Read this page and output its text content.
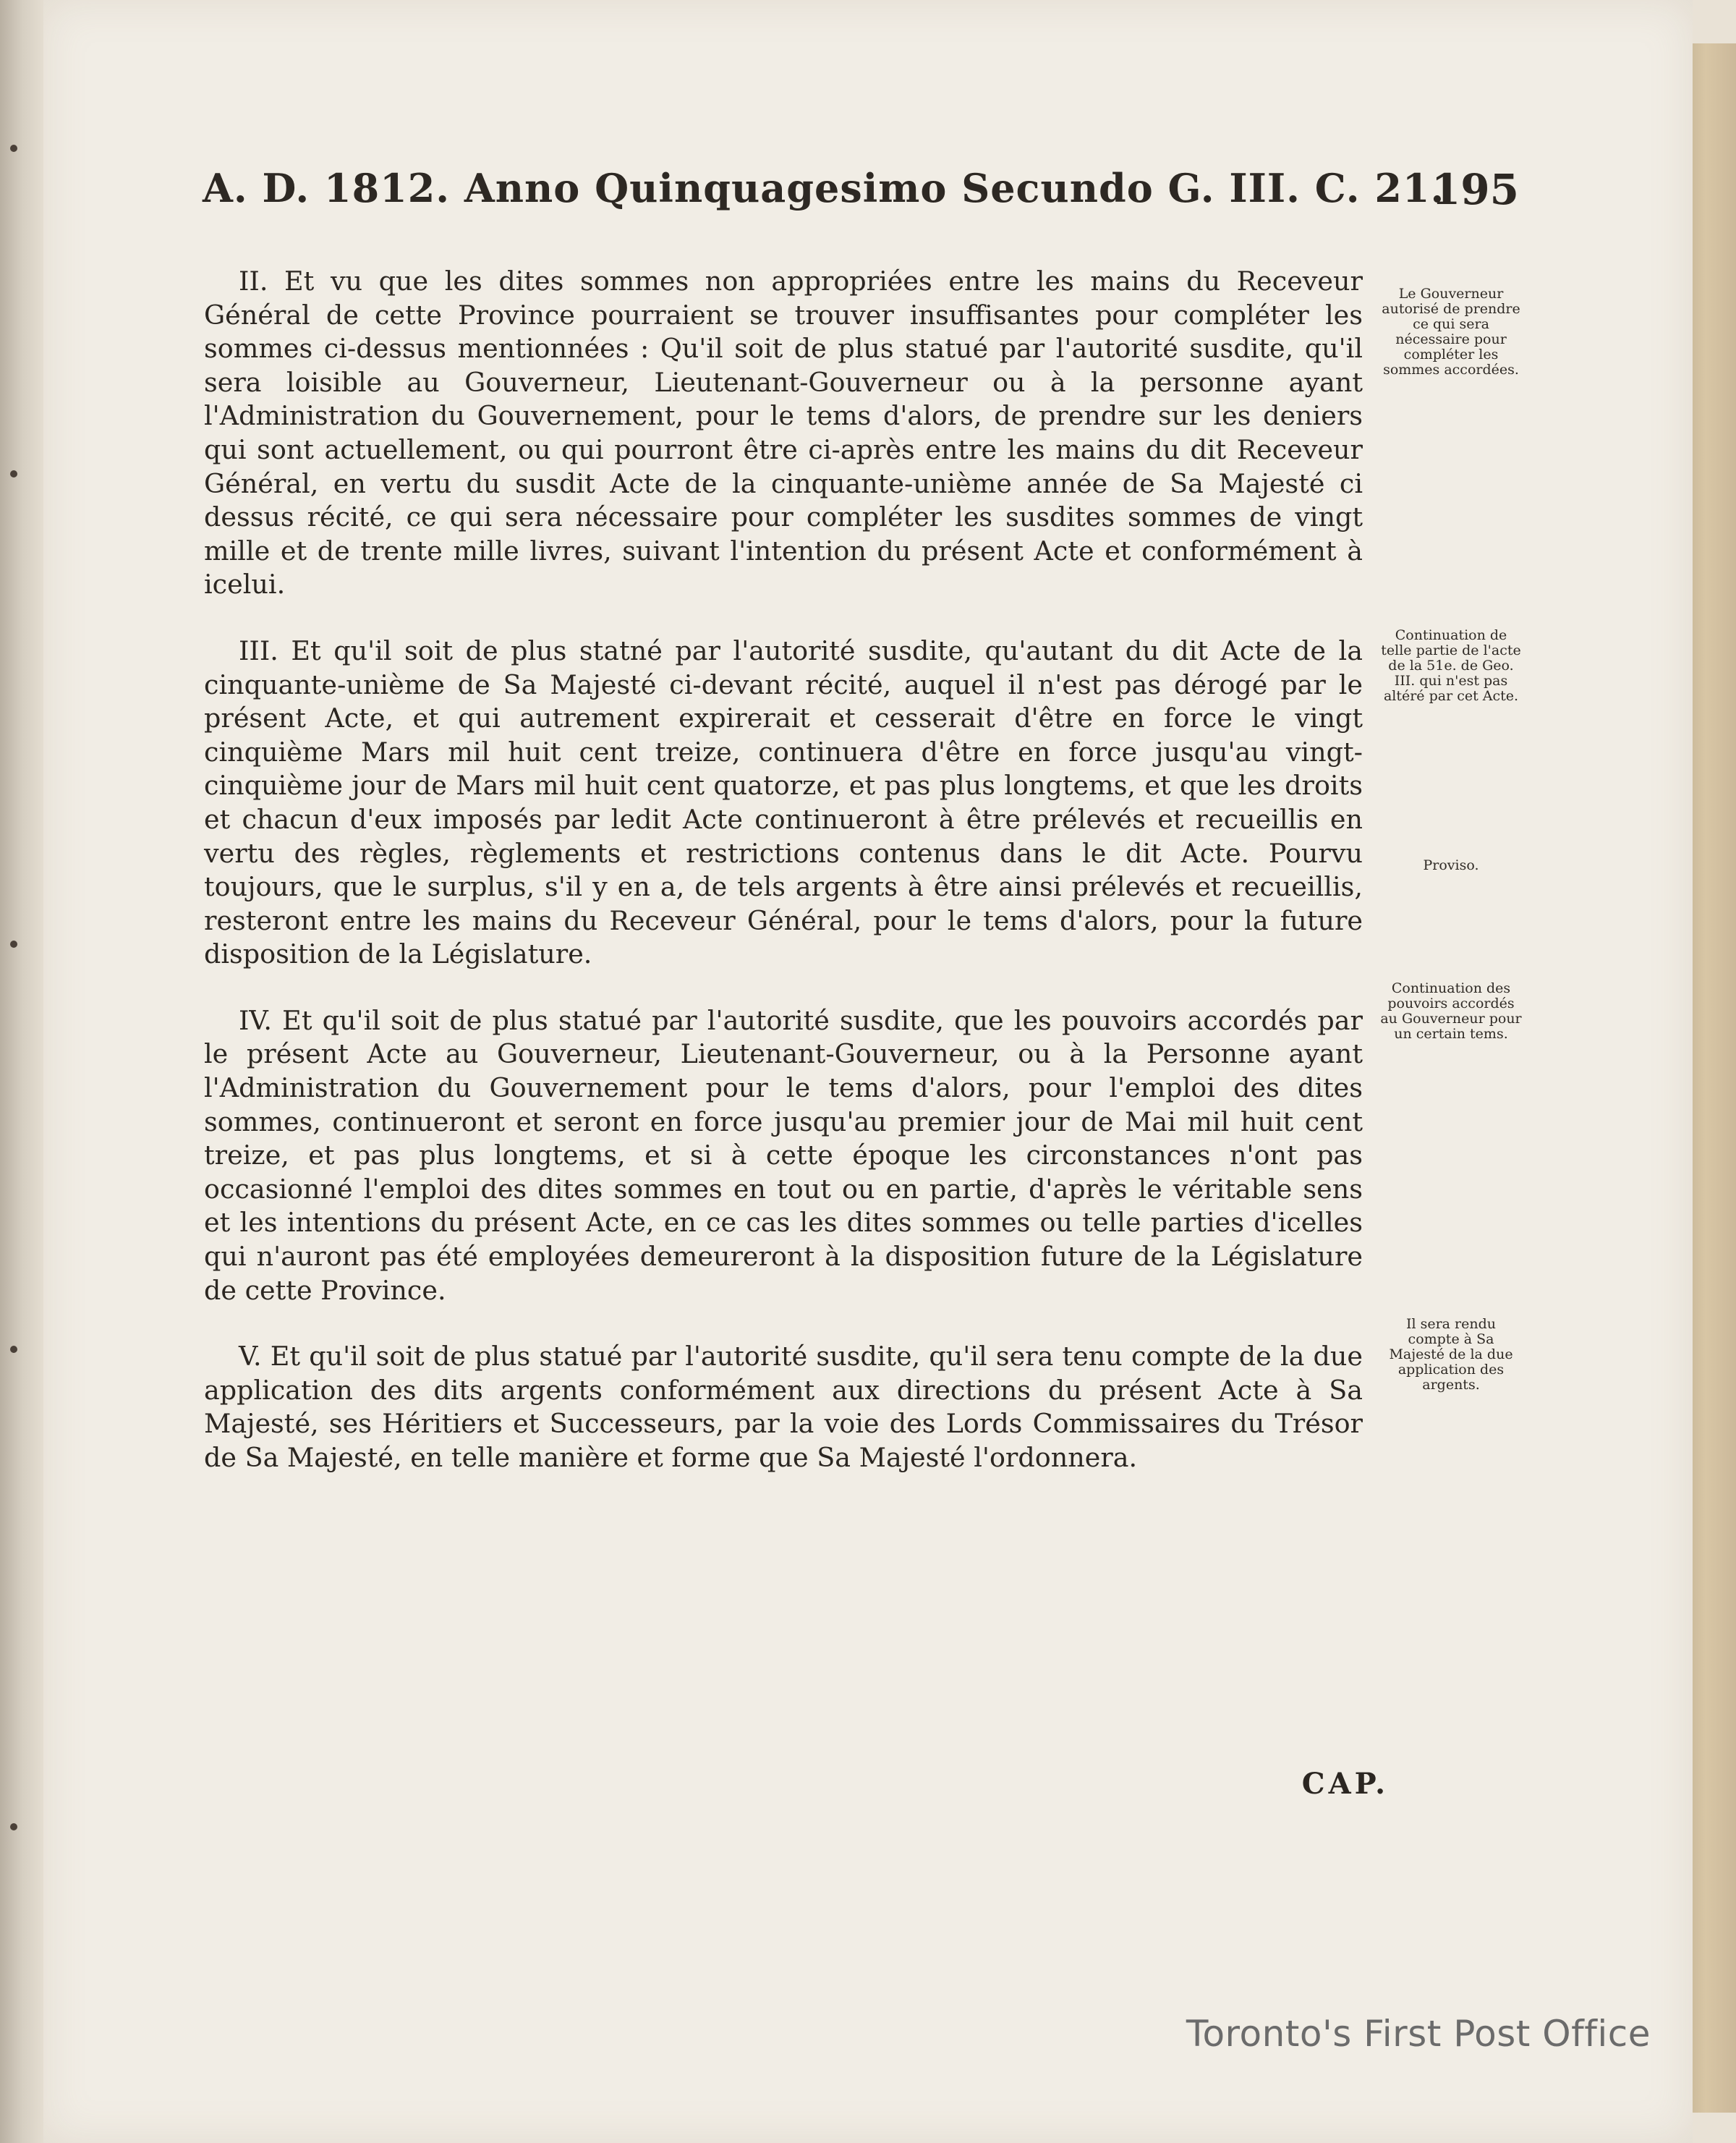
A. D. 1812. Anno Quinquagesimo Secundo G. III. C. 21.
195

II. Et vu que les dites sommes non appropriées entre les mains du Receveur Général de cette Province pourraient se trouver insuffisantes pour compléter les sommes ci-dessus mentionnées : Qu'il soit de plus statué par l'autorité susdite, qu'il sera loisible au Gouverneur, Lieutenant-Gouverneur ou à la personne ayant l'Administration du Gouvernement, pour le tems d'alors, de prendre sur les deniers qui sont actuellement, ou qui pourront être ci-après entre les mains du dit Receveur Général, en vertu du susdit Acte de la cinquante-unième année de Sa Majesté ci dessus récité, ce qui sera nécessaire pour compléter les susdites sommes de vingt mille et de trente mille livres, suivant l'intention du présent Acte et conformément à icelui.

III. Et qu'il soit de plus statné par l'autorité susdite, qu'autant du dit Acte de la cinquante-unième de Sa Majesté ci-devant récité, auquel il n'est pas dérogé par le présent Acte, et qui autrement expirerait et cesserait d'être en force le vingt cinquième Mars mil huit cent treize, continuera d'être en force jusqu'au vingt-cinquième jour de Mars mil huit cent quatorze, et pas plus longtems, et que les droits et chacun d'eux imposés par ledit Acte continueront à être prélevés et recueillis en vertu des règles, règlements et restrictions contenus dans le dit Acte. Pourvu toujours, que le surplus, s'il y en a, de tels argents à être ainsi prélevés et recueillis, resteront entre les mains du Receveur Général, pour le tems d'alors, pour la future disposition de la Législature.

IV. Et qu'il soit de plus statué par l'autorité susdite, que les pouvoirs accordés par le présent Acte au Gouverneur, Lieutenant-Gouverneur, ou à la Personne ayant l'Administration du Gouvernement pour le tems d'alors, pour l'emploi des dites sommes, continueront et seront en force jusqu'au premier jour de Mai mil huit cent treize, et pas plus longtems, et si à cette époque les circonstances n'ont pas occasionné l'emploi des dites sommes en tout ou en partie, d'après le véritable sens et les intentions du présent Acte, en ce cas les dites sommes ou telle parties d'icelles qui n'auront pas été employées demeureront à la disposition future de la Législature de cette Province.

V. Et qu'il soit de plus statué par l'autorité susdite, qu'il sera tenu compte de la due application des dits argents conformément aux directions du présent Acte à Sa Majesté, ses Héritiers et Successeurs, par la voie des Lords Commissaires du Trésor de Sa Majesté, en telle manière et forme que Sa Majesté l'ordonnera.

Le Gouverneur autorisé de prendre ce qui sera nécessaire pour compléter les sommes accordées.
Continuation de telle partie de l'acte de la 51e. de Geo. III. qui n'est pas altéré par cet Acte.
Proviso.
Continuation des pouvoirs accordés au Gouverneur pour un certain tems.
Il sera rendu compte à Sa Majesté de la due application des argents.
CAP.
Toronto's First Post Office
